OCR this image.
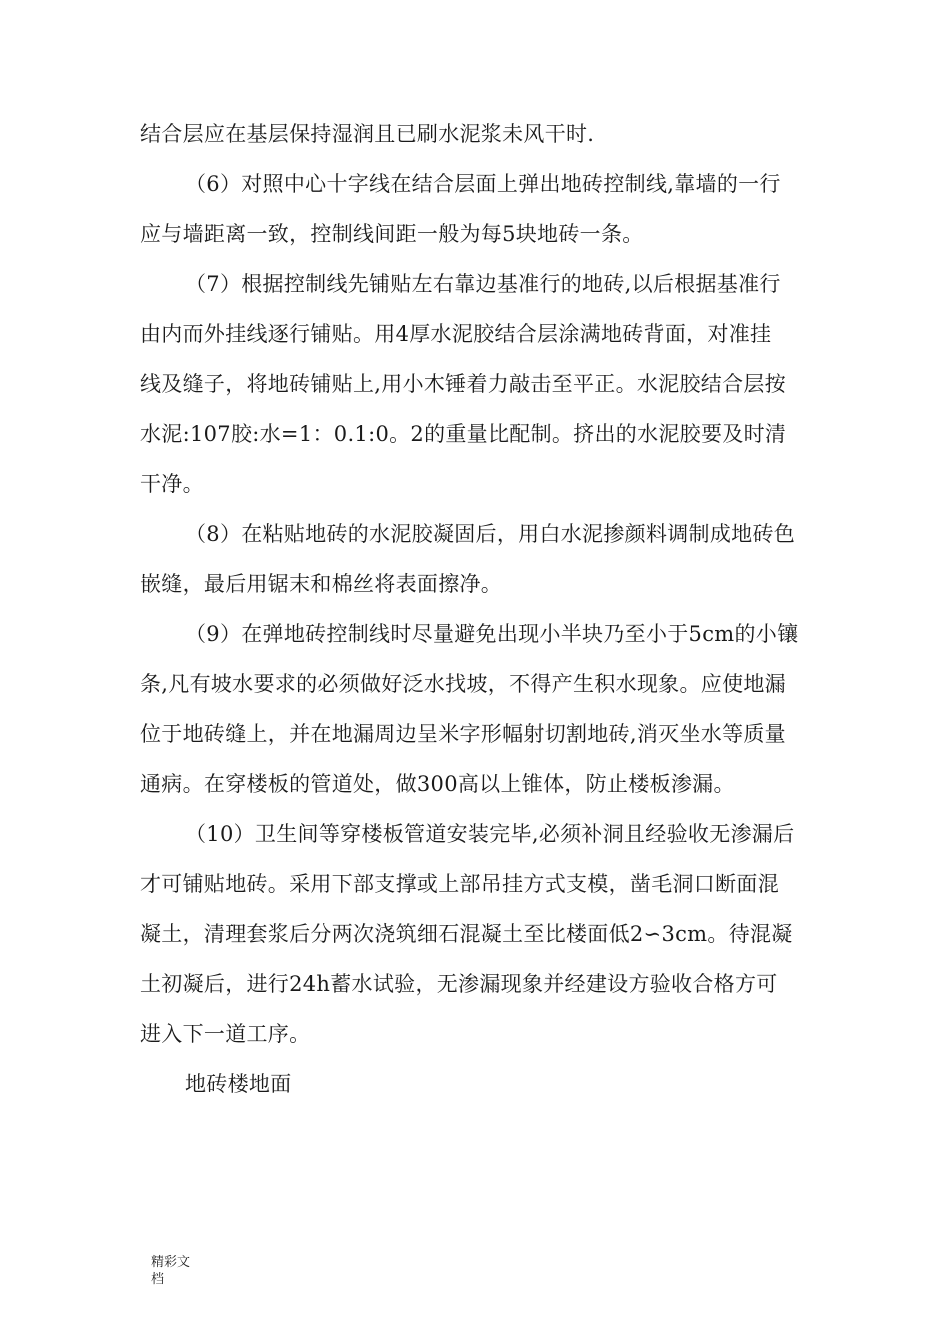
结合层应在基层保持湿润且已刷水泥浆未风干时.
（6）对照中心十字线在结合层面上弹出地砖控制线,靠墙的一行
应与墙距离一致，控制线间距一般为每5块地砖一条。
（7）根据控制线先铺贴左右靠边基准行的地砖,以后根据基准行
由内而外挂线逐行铺贴。用4厚水泥胶结合层涂满地砖背面，对准挂
线及缝子，将地砖铺贴上,用小木锤着力敲击至平正。水泥胶结合层按
水泥:107胶:水=1：0.1:0。2的重量比配制。挤出的水泥胶要及时清
干净。
（8）在粘贴地砖的水泥胶凝固后，用白水泥掺颜料调制成地砖色
嵌缝，最后用锯末和棉丝将表面擦净。
（9）在弹地砖控制线时尽量避免出现小半块乃至小于5cm的小镶
条,凡有坡水要求的必须做好泛水找坡，不得产生积水现象。应使地漏
位于地砖缝上，并在地漏周边呈米字形幅射切割地砖,消灭坐水等质量
通病。在穿楼板的管道处，做300高以上锥体，防止楼板渗漏。
（10）卫生间等穿楼板管道安装完毕,必须补洞且经验收无渗漏后
才可铺贴地砖。采用下部支撑或上部吊挂方式支模，凿毛洞口断面混
凝土，清理套浆后分两次浇筑细石混凝土至比楼面低2∽3cm。待混凝
土初凝后，进行24h蓄水试验，无渗漏现象并经建设方验收合格方可
进入下一道工序。
地砖楼地面
精彩文
档
